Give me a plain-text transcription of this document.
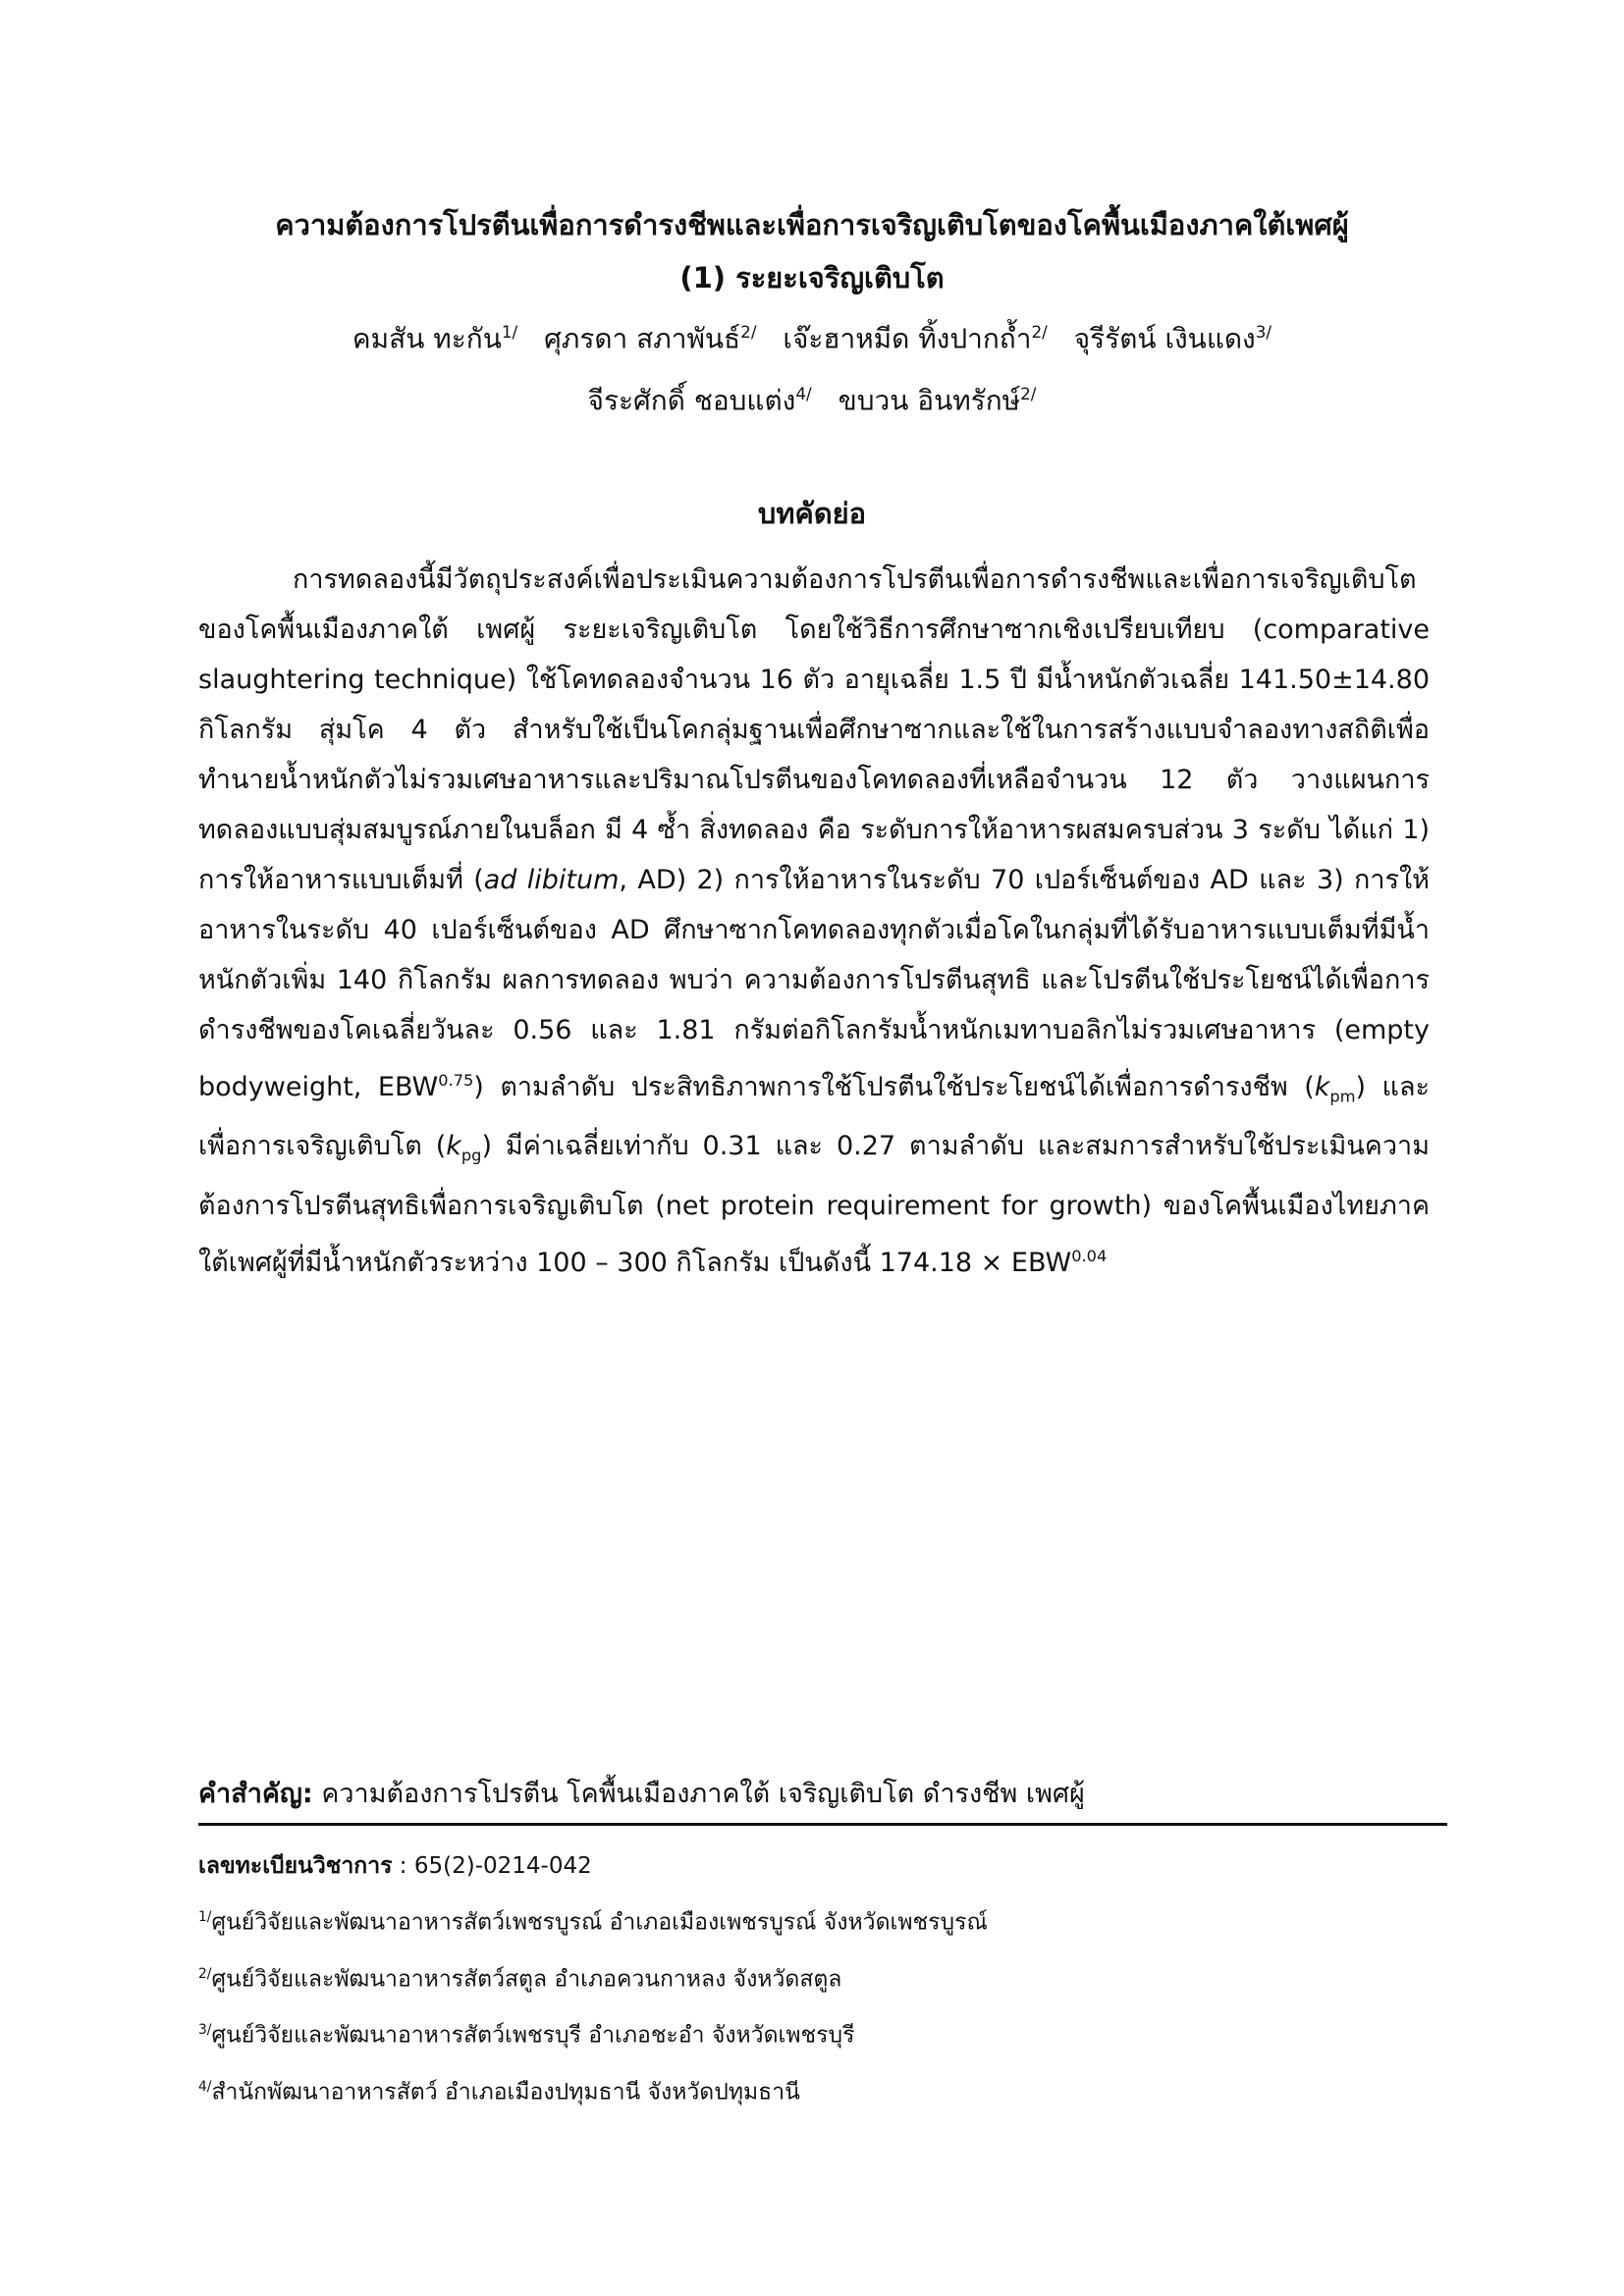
ความต้องการโปรตีนเพื่อการดำรงชีพและเพื่อการเจริญเติบโตของโคพื้นเมืองภาคใต้เพศผู้

(1) ระยะเจริญเติบโต

คมสัน ทะกัน$^{1/}$ ศุภรดา สภาพันธ์$^{2/}$ เจ๊ะฮาหมีด ทิ้งปากถ้ำ$^{2/}$ จุรีรัตน์ เงินแดง$^{3/}$

จีระศักดิ์ ชอบแต่ง$^{4/}$ ขบวน อินทรักษ์$^{2/}$

บทคัดย่อ

การทดลองนี้มีวัตถุประสงค์เพื่อประเมินความต้องการโปรตีนเพื่อการดำรงชีพและเพื่อการเจริญเติบโตของโคพื้นเมืองภาคใต้ เพศผู้ ระยะเจริญเติบโต โดยใช้วิธีการศึกษาซากเชิงเปรียบเทียบ (comparative slaughtering technique) ใช้โคทดลองจำนวน 16 ตัว อายุเฉลี่ย 1.5 ปี มีน้ำหนักตัวเฉลี่ย 141.50±14.80 กิโลกรัม สุ่มโค 4 ตัว สำหรับใช้เป็นโคกลุ่มฐานเพื่อศึกษาซากและใช้ในการสร้างแบบจำลองทางสถิติเพื่อทำนายน้ำหนักตัวไม่รวมเศษอาหารและปริมาณโปรตีนของโคทดลองที่เหลือจำนวน 12 ตัว วางแผนการทดลองแบบสุ่มสมบูรณ์ภายในบล็อก มี 4 ซ้ำ สิ่งทดลอง คือ ระดับการให้อาหารผสมครบส่วน 3 ระดับ ได้แก่ 1) การให้อาหารแบบเต็มที่ (ad libitum, AD) 2) การให้อาหารในระดับ 70 เปอร์เซ็นต์ของ AD และ 3) การให้อาหารในระดับ 40 เปอร์เซ็นต์ของ AD ศึกษาซากโคทดลองทุกตัวเมื่อโคในกลุ่มที่ได้รับอาหารแบบเต็มที่มีน้ำหนักตัวเพิ่ม 140 กิโลกรัม ผลการทดลอง พบว่า ความต้องการโปรตีนสุทธิ และโปรตีนใช้ประโยชน์ได้เพื่อการดำรงชีพของโคเฉลี่ยวันละ 0.56 และ 1.81 กรัมต่อกิโลกรัมน้ำหนักเมทาบอลิกไม่รวมเศษอาหาร (empty bodyweight, $EBW^{0.75}$) ตามลำดับ ประสิทธิภาพการใช้โปรตีนใช้ประโยชน์ได้เพื่อการดำรงชีพ $(k_{pm})$ และเพื่อการเจริญเติบโต $(k_{pg})$ มีค่าเฉลี่ยเท่ากับ 0.31 และ 0.27 ตามลำดับ และสมการสำหรับใช้ประเมินความต้องการโปรตีนสุทธิเพื่อการเจริญเติบโต (net protein requirement for growth) ของโคพื้นเมืองไทยภาคใต้เพศผู้ที่มีน้ำหนักตัวระหว่าง 100 – 300 กิโลกรัม เป็นดังนี้ $174.18 \times EBW^{0.04}$

คำสำคัญ: ความต้องการโปรตีน โคพื้นเมืองภาคใต้ เจริญเติบโต ดำรงชีพ เพศผู้

เลขทะเบียนวิชาการ : 65(2)-0214-042

$^{1/}$ศูนย์วิจัยและพัฒนาอาหารสัตว์เพชรบูรณ์ อำเภอเมืองเพชรบูรณ์ จังหวัดเพชรบูรณ์

$^{2/}$ศูนย์วิจัยและพัฒนาอาหารสัตว์สตูล อำเภอควนกาหลง จังหวัดสตูล

$^{3/}$ศูนย์วิจัยและพัฒนาอาหารสัตว์เพชรบุรี อำเภอชะอำ จังหวัดเพชรบุรี

$^{4/}$สำนักพัฒนาอาหารสัตว์ อำเภอเมืองปทุมธานี จังหวัดปทุมธานี
